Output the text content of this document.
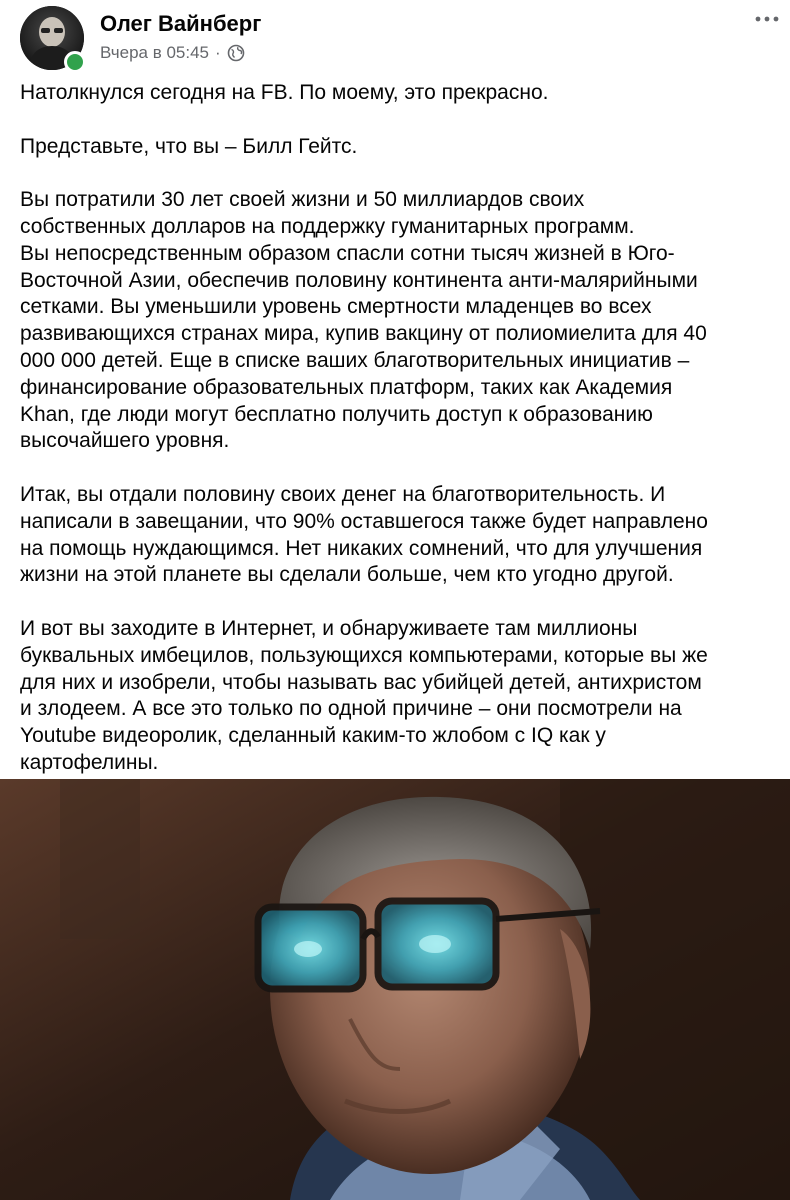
Олег Вайнберг
Вчера в 05:45 ·

Натолкнулся сегодня на FB. По моему, это прекрасно.

Представьте, что вы – Билл Гейтс.

Вы потратили 30 лет своей жизни и 50 миллиардов своих
собственных долларов на поддержку гуманитарных программ.
Вы непосредственным образом спасли сотни тысяч жизней в Юго-
Восточной Азии, обеспечив половину континента анти-малярийными
сетками. Вы уменьшили уровень смертности младенцев во всех
развивающихся странах мира, купив вакцину от полиомиелита для 40
000 000 детей. Еще в списке ваших благотворительных инициатив –
финансирование образовательных платформ, таких как Академия
Khan, где люди могут бесплатно получить доступ к образованию
высочайшего уровня.

Итак, вы отдали половину своих денег на благотворительность. И
написали в завещании, что 90% оставшегося также будет направлено
на помощь нуждающимся. Нет никаких сомнений, что для улучшения
жизни на этой планете вы сделали больше, чем кто угодно другой.

И вот вы заходите в Интернет, и обнаруживаете там миллионы
буквальных имбецилов, пользующихся компьютерами, которые вы же
для них и изобрели, чтобы называть вас убийцей детей, антихристом
и злодеем. А все это только по одной причине – они посмотрели на
Youtube видеоролик, сделанный каким-то жлобом с IQ как у
картофелины.
